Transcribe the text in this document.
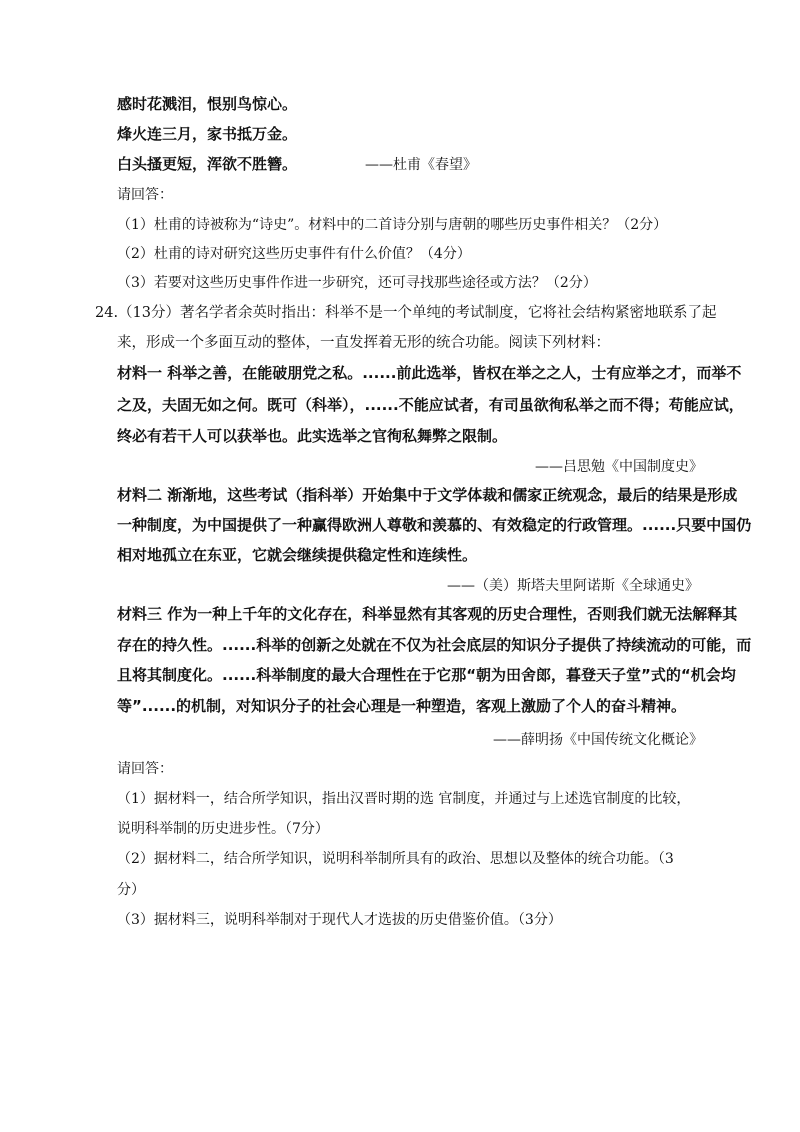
感时花溅泪，恨别鸟惊心。
烽火连三月，家书抵万金。
白头搔更短，浑欲不胜簪。	——杜甫《春望》
请回答：
（1）杜甫的诗被称为“诗史”。材料中的二首诗分别与唐朝的哪些历史事件相关？（2分）
（2）杜甫的诗对研究这些历史事件有什么价值？（4分）
（3）若要对这些历史事件作进一步研究，还可寻找那些途径或方法？（2分）
24.（13分）著名学者余英时指出：科举不是一个单纯的考试制度，它将社会结构紧密地联系了起
来，形成一个多面互动的整体，一直发挥着无形的统合功能。阅读下列材料：
材料一 科举之善，在能破朋党之私。......前此选举，皆权在举之之人，士有应举之才，而举不
之及，夫固无如之何。既可（科举），......不能应试者，有司虽欲徇私举之而不得；苟能应试，
终必有若干人可以获举也。此实选举之官徇私舞弊之限制。
——吕思勉《中国制度史》
材料二 渐渐地，这些考试（指科举）开始集中于文学体裁和儒家正统观念，最后的结果是形成
一种制度，为中国提供了一种赢得欧洲人尊敬和羡慕的、有效稳定的行政管理。......只要中国仍
相对地孤立在东亚，它就会继续提供稳定性和连续性。
——（美）斯塔夫里阿诺斯《全球通史》
材料三 作为一种上千年的文化存在，科举显然有其客观的历史合理性，否则我们就无法解释其
存在的持久性。......科举的创新之处就在不仅为社会底层的知识分子提供了持续流动的可能，而
且将其制度化。......科举制度的最大合理性在于它那“朝为田舍郎，暮登天子堂”式的“机会均
等”......的机制，对知识分子的社会心理是一种塑造，客观上激励了个人的奋斗精神。
——薛明扬《中国传统文化概论》
请回答：
（1）据材料一，结合所学知识，指出汉晋时期的选 官制度，并通过与上述选官制度的比较，
说明科举制的历史进步性。（7分）
（2）据材料二，结合所学知识，说明科举制所具有的政治、思想以及整体的统合功能。（3
分）
（3）据材料三，说明科举制对于现代人才选拔的历史借鉴价值。（3分）
